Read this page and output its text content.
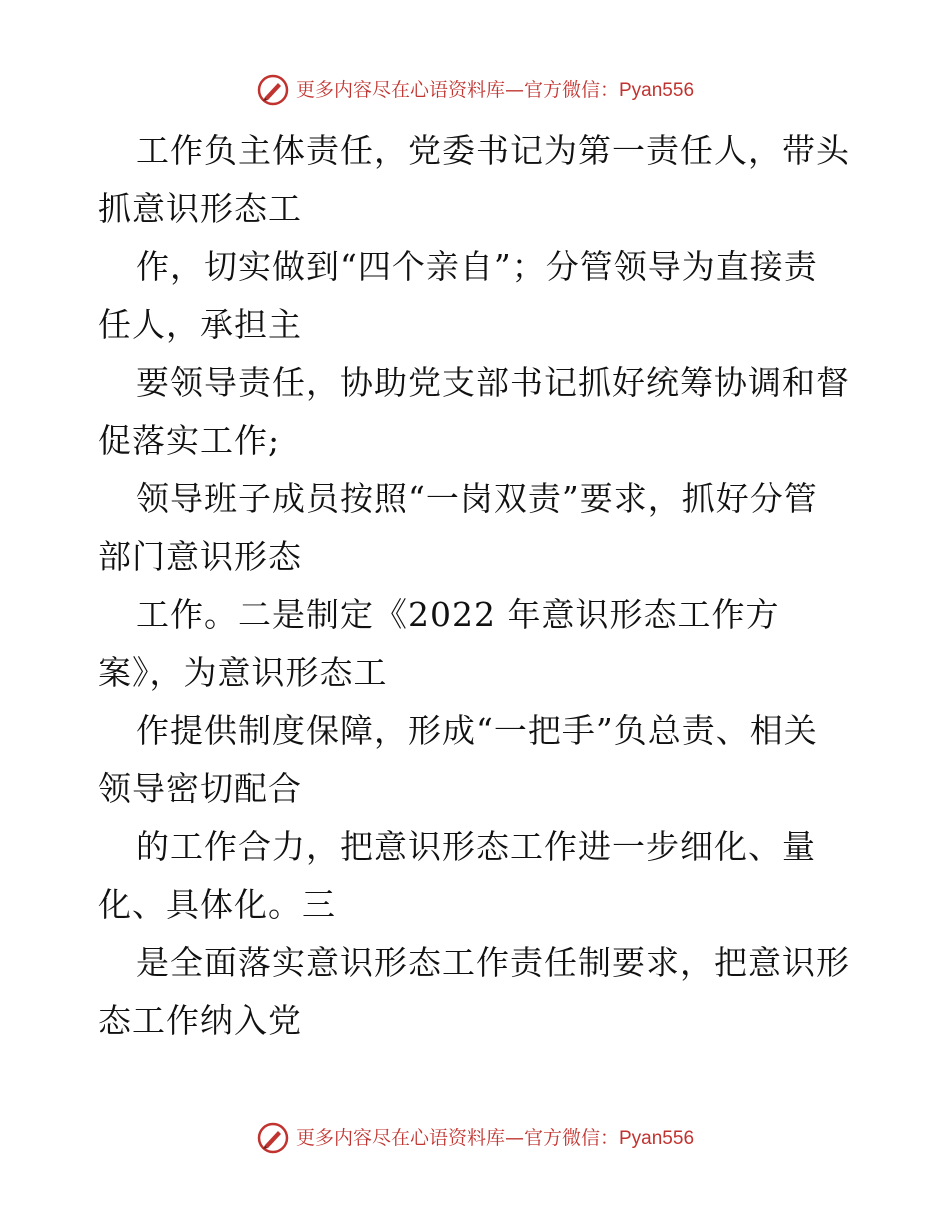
更多内容尽在心语资料库—官方微信：Pyan556

工作负主体责任，党委书记为第一责任人，带头
抓意识形态工

作，切实做到“四个亲自”；分管领导为直接责
任人，承担主

要领导责任，协助党支部书记抓好统筹协调和督
促落实工作;

领导班子成员按照“一岗双责”要求，抓好分管
部门意识形态

工作。二是制定《2022 年意识形态工作方
案》，为意识形态工

作提供制度保障，形成“一把手”负总责、相关
领导密切配合

的工作合力，把意识形态工作进一步细化、量
化、具体化。三

是全面落实意识形态工作责任制要求，把意识形
态工作纳入党

更多内容尽在心语资料库—官方微信：Pyan556
